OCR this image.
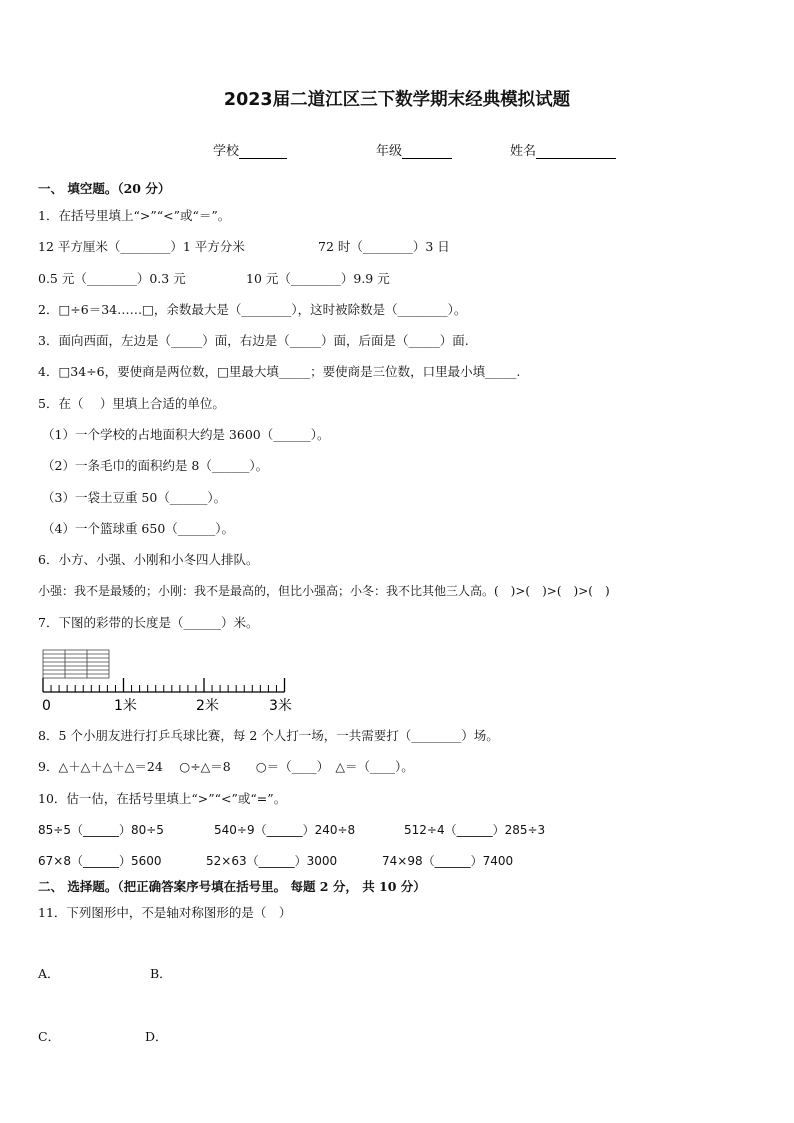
2023届二道江区三下数学期末经典模拟试题
学校	年级	姓名
一、 填空题。（20 分）
1．在括号里填上“>”“<”或“＝”。
12 平方厘米（________）1 平方分米	72 时（________）3 日
0.5 元（________）0.3 元	10 元（________）9.9 元
2．□÷6＝34……□，余数最大是（________），这时被除数是（________）。
3．面向西面，左边是（_____）面，右边是（_____）面，后面是（_____）面.
4．□34÷6，要使商是两位数，□里最大填_____；要使商是三位数，口里最小填_____.
5．在（　 ）里填上合适的单位。
（1）一个学校的占地面积大约是 3600（______）。
（2）一条毛巾的面积约是 8（______）。
（3）一袋土豆重 50（______）。
（4）一个篮球重 650（______）。
6．小方、小强、小刚和小冬四人排队。
小强：我不是最矮的；小刚：我不是最高的，但比小强高；小冬：我不比其他三人高。(　)>(　)>(　)>(　)
7．下图的彩带的长度是（______）米。
0	1米	2米	3米
8．5 个小朋友进行打乒乓球比赛，每 2 个人打一场，一共需要打（________）场。
9．△＋△＋△＋△＝24　 ○÷△＝8　　○＝（____）　△＝（____）。
10．估一估，在括号里填上“>”“<”或“=”。
85÷5（______）80÷5	540÷9（______）240÷8	512÷4（______）285÷3
67×8（______）5600	52×63（______）3000	74×98（______）7400
二、 选择题。（把正确答案序号填在括号里。 每题 2 分， 共 10 分）
11．下列图形中，不是轴对称图形的是（　）
A．	B．
C．	D．
